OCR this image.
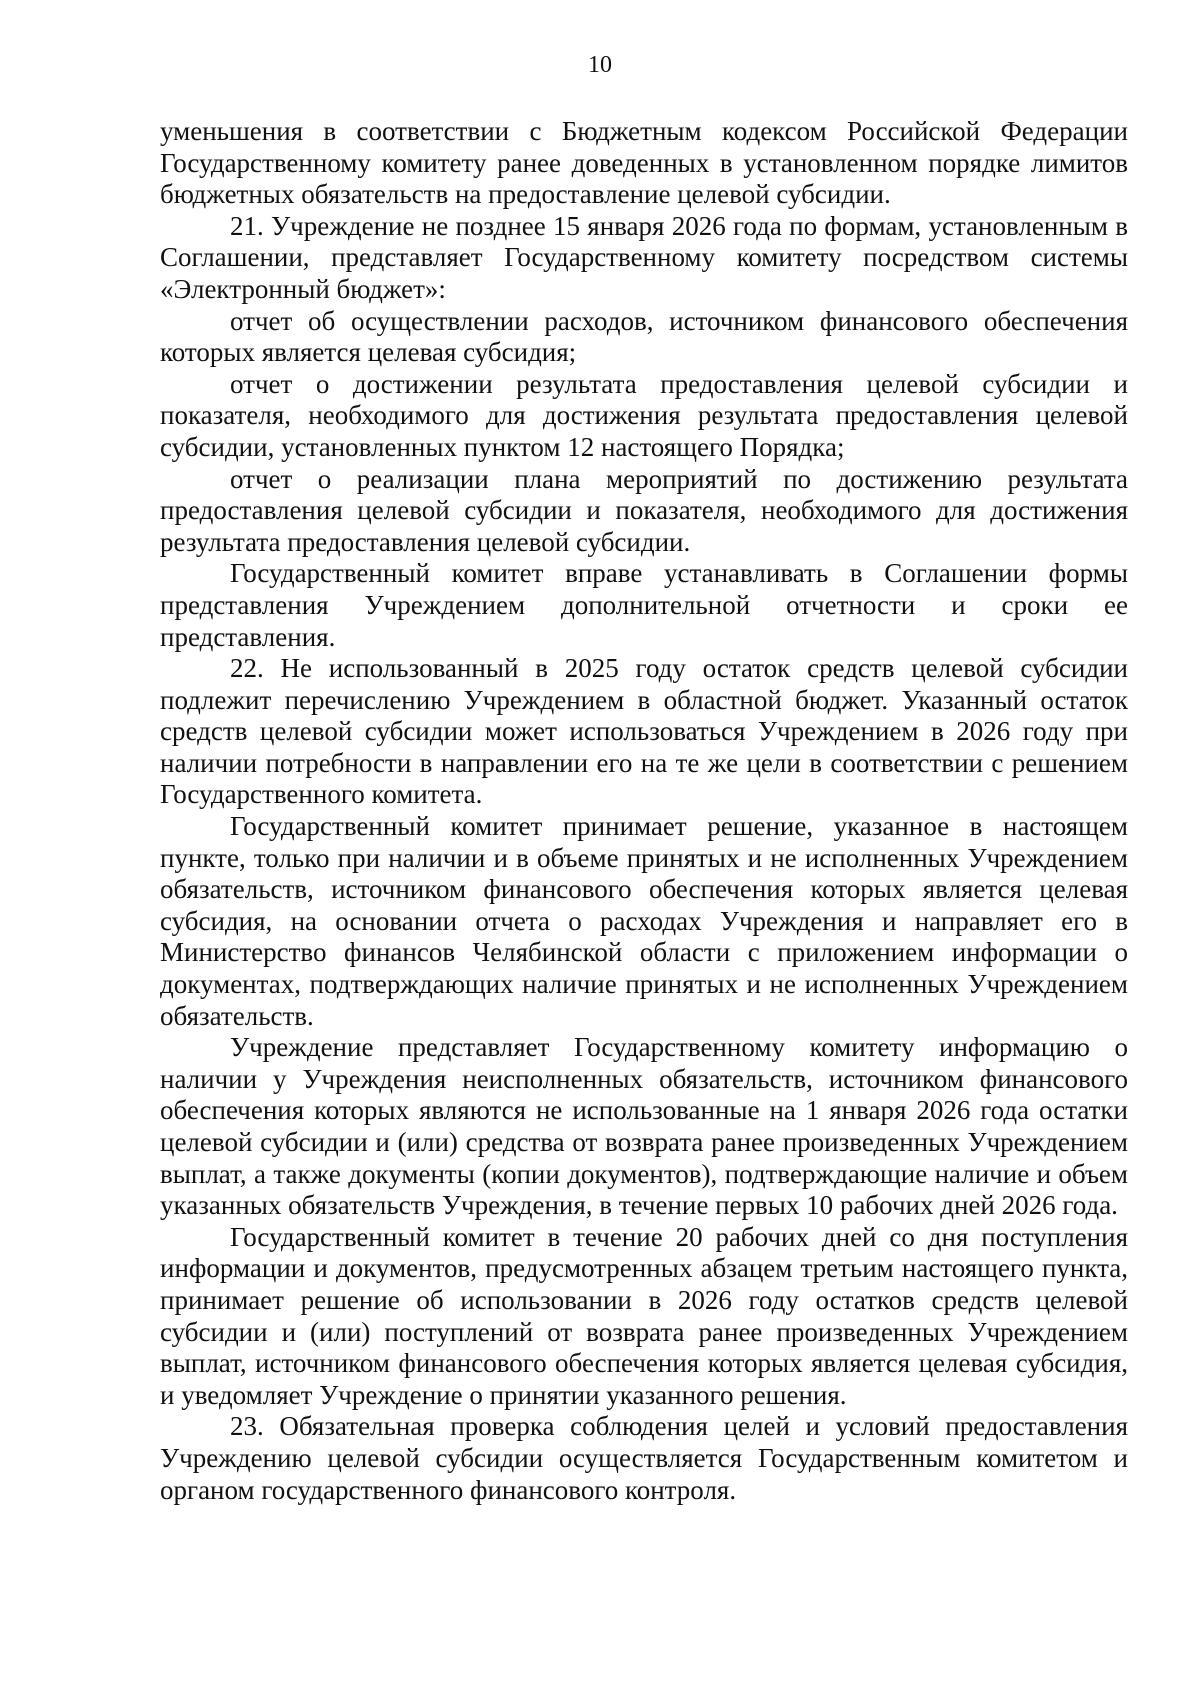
10

уменьшения в соответствии с Бюджетным кодексом Российской Федерации Государственному комитету ранее доведенных в установленном порядке лимитов бюджетных обязательств на предоставление целевой субсидии.

21. Учреждение не позднее 15 января 2026 года по формам, установленным в Соглашении, представляет Государственному комитету посредством системы «Электронный бюджет»:

отчет об осуществлении расходов, источником финансового обеспечения которых является целевая субсидия;

отчет о достижении результата предоставления целевой субсидии и показателя, необходимого для достижения результата предоставления целевой субсидии, установленных пунктом 12 настоящего Порядка;

отчет о реализации плана мероприятий по достижению результата предоставления целевой субсидии и показателя, необходимого для достижения результата предоставления целевой субсидии.

Государственный комитет вправе устанавливать в Соглашении формы представления Учреждением дополнительной отчетности и сроки ее представления.

22. Не использованный в 2025 году остаток средств целевой субсидии подлежит перечислению Учреждением в областной бюджет. Указанный остаток средств целевой субсидии может использоваться Учреждением в 2026 году при наличии потребности в направлении его на те же цели в соответствии с решением Государственного комитета.

Государственный комитет принимает решение, указанное в настоящем пункте, только при наличии и в объеме принятых и не исполненных Учреждением обязательств, источником финансового обеспечения которых является целевая субсидия, на основании отчета о расходах Учреждения и направляет его в Министерство финансов Челябинской области с приложением информации о документах, подтверждающих наличие принятых и не исполненных Учреждением обязательств.

Учреждение представляет Государственному комитету информацию о наличии у Учреждения неисполненных обязательств, источником финансового обеспечения которых являются не использованные на 1 января 2026 года остатки целевой субсидии и (или) средства от возврата ранее произведенных Учреждением выплат, а также документы (копии документов), подтверждающие наличие и объем указанных обязательств Учреждения, в течение первых 10 рабочих дней 2026 года.

Государственный комитет в течение 20 рабочих дней со дня поступления информации и документов, предусмотренных абзацем третьим настоящего пункта, принимает решение об использовании в 2026 году остатков средств целевой субсидии и (или) поступлений от возврата ранее произведенных Учреждением выплат, источником финансового обеспечения которых является целевая субсидия, и уведомляет Учреждение о принятии указанного решения.

23. Обязательная проверка соблюдения целей и условий предоставления Учреждению целевой субсидии осуществляется Государственным комитетом и органом государственного финансового контроля.
